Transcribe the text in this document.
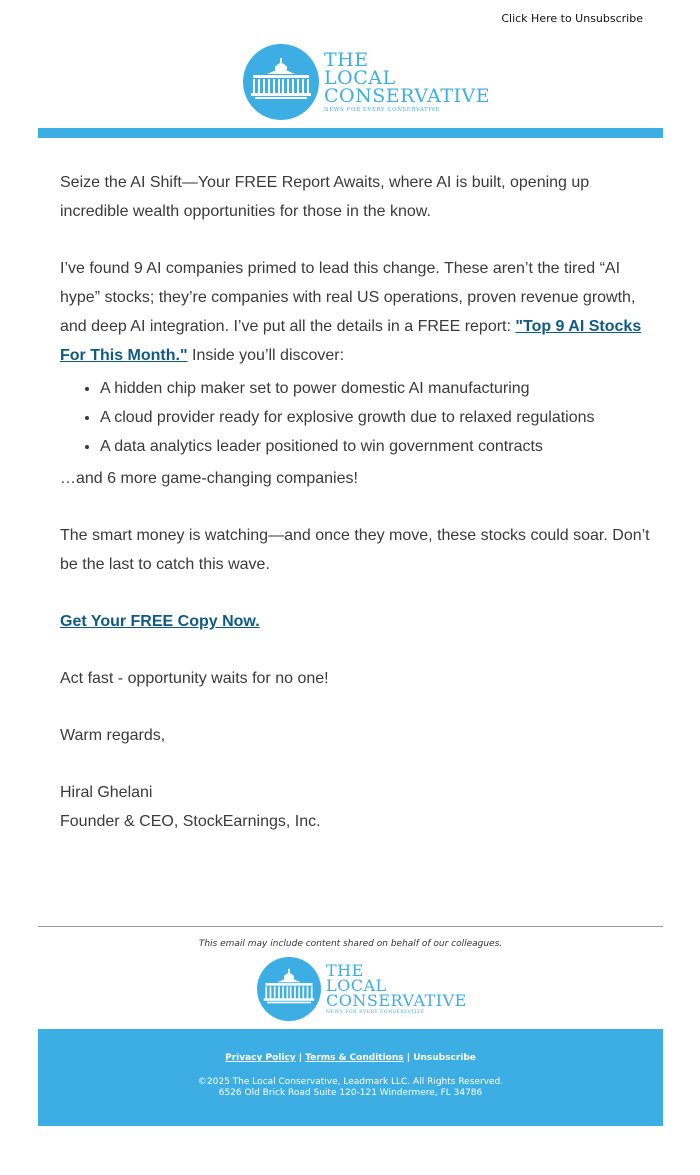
Click Here to Unsubscribe
THE
LOCAL
CONSERVATIVE
NEWS FOR EVERY CONSERVATIVE

Seize the AI Shift—Your FREE Report Awaits, where AI is built, opening up incredible wealth opportunities for those in the know.

I’ve found 9 AI companies primed to lead this change. These aren’t the tired “AI hype” stocks; they’re companies with real US operations, proven revenue growth, and deep AI integration. I’ve put all the details in a FREE report: "Top 9 AI Stocks For This Month." Inside you’ll discover:

• A hidden chip maker set to power domestic AI manufacturing
• A cloud provider ready for explosive growth due to relaxed regulations
• A data analytics leader positioned to win government contracts

…and 6 more game-changing companies!

The smart money is watching—and once they move, these stocks could soar. Don’t be the last to catch this wave.

Get Your FREE Copy Now.

Act fast - opportunity waits for no one!

Warm regards,

Hiral Ghelani

Founder & CEO, StockEarnings, Inc.

This email may include content shared on behalf of our colleagues.
THE
LOCAL
CONSERVATIVE
NEWS FOR EVERY CONSERVATIVE
Privacy Policy | Terms & Conditions | Unsubscribe
©2025 The Local Conservative, Leadmark LLC. All Rights Reserved.
6526 Old Brick Road Suite 120-121 Windermere, FL 34786
